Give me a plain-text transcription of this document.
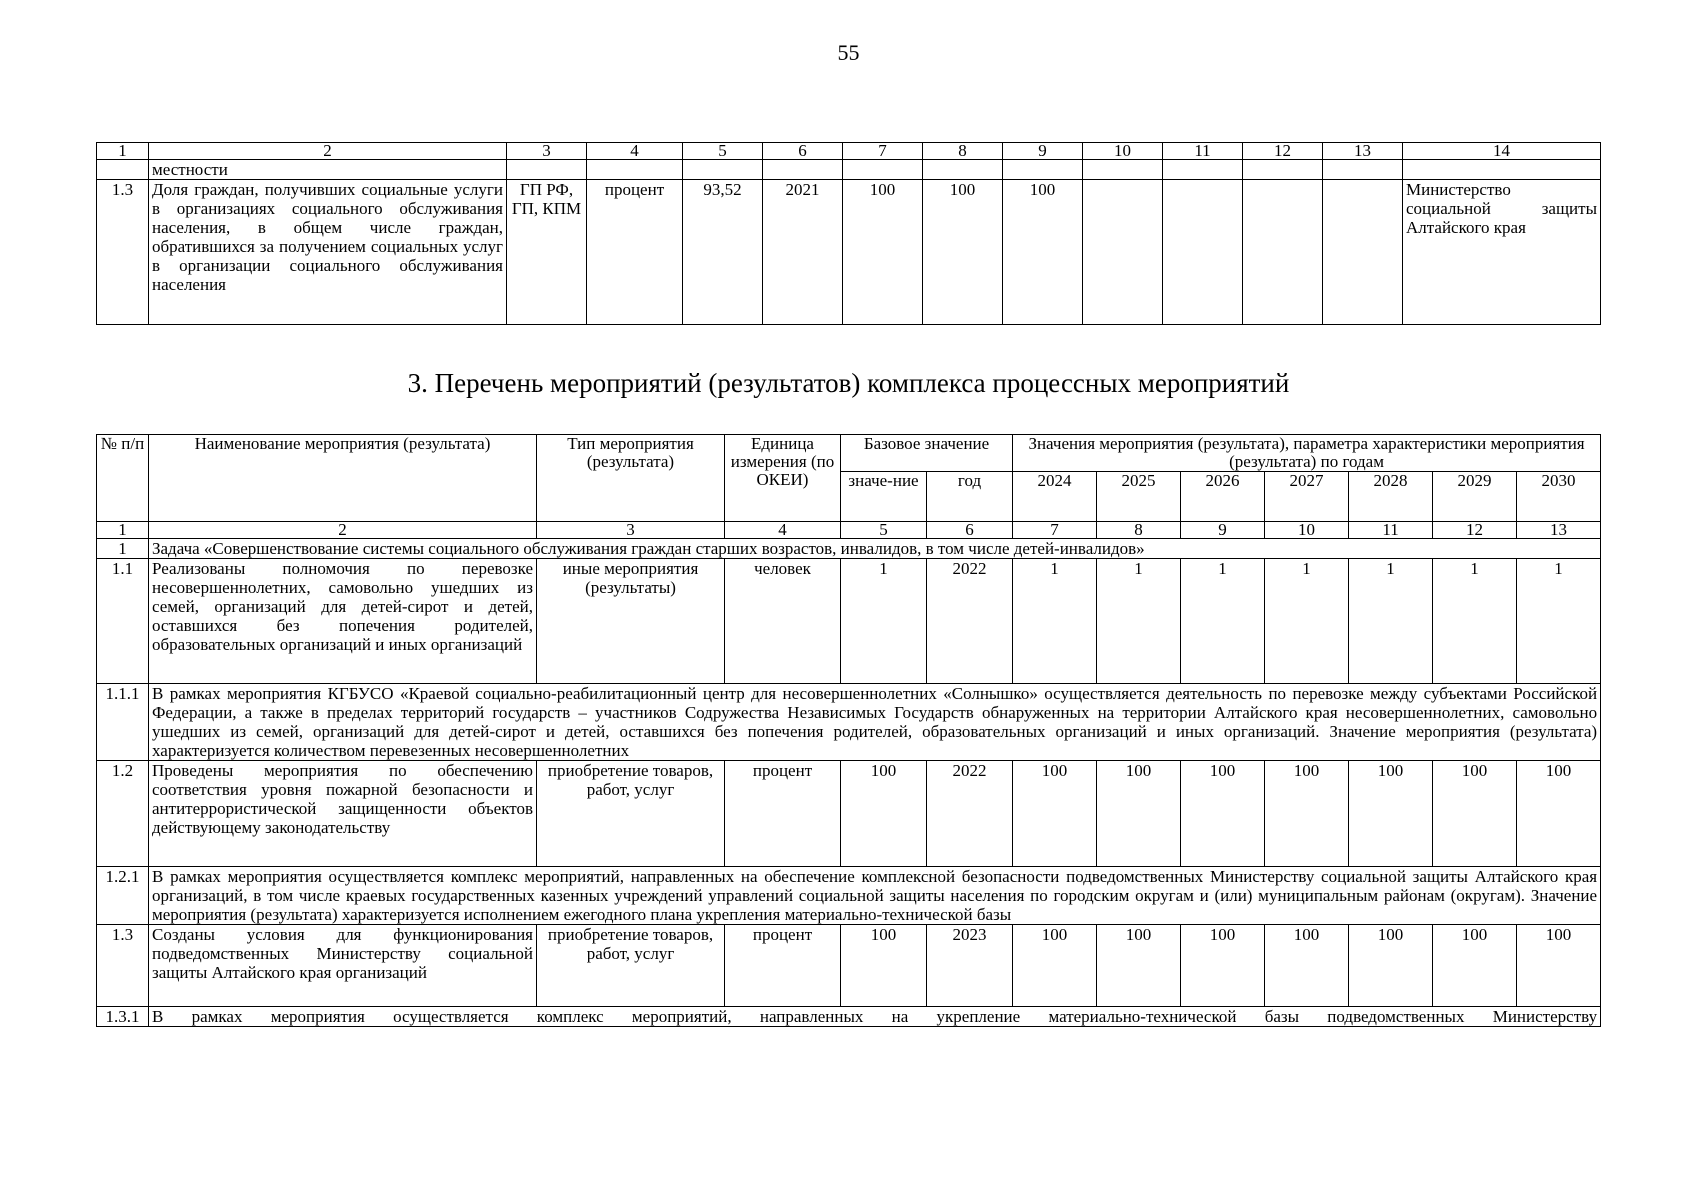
55
1	2	3	4	5	6	7	8	9	10	11	12	13	14
	местности												
1.3	Доля граждан, получивших социальные услуги в организациях социального обслуживания населения, в общем числе граждан, обратившихся за получением социальных услуг в организации социального обслуживания населения	ГП РФ, ГП, КПМ	процент	93,52	2021	100	100	100					Министерство социальной защиты Алтайского края
3. Перечень мероприятий (результатов) комплекса процессных мероприятий
№ п/п	Наименование мероприятия (результата)	Тип мероприятия (результата)	Единица измерения (по ОКЕИ)	Базовое значение		Значения мероприятия (результата), параметра характеристики мероприятия (результата) по годам						
				значе-ние	год	2024	2025	2026	2027	2028	2029	2030
1	2	3	4	5	6	7	8	9	10	11	12	13
1	Задача «Совершенствование системы социального обслуживания граждан старших возрастов, инвалидов, в том числе детей-инвалидов»											
1.1	Реализованы полномочия по перевозке несовершеннолетних, самовольно ушедших из семей, организаций для детей-сирот и детей, оставшихся без попечения родителей, образовательных организаций и иных организаций	иные мероприятия (результаты)	человек	1	2022	1	1	1	1	1	1	1
1.1.1	В рамках мероприятия КГБУСО «Краевой социально-реабилитационный центр для несовершеннолетних «Солнышко» осуществляется деятельность по перевозке между субъектами Российской Федерации, а также в пределах территорий государств – участников Содружества Независимых Государств обнаруженных на территории Алтайского края несовершеннолетних, самовольно ушедших из семей, организаций для детей-сирот и детей, оставшихся без попечения родителей, образовательных организаций и иных организаций. Значение мероприятия (результата) характеризуется количеством перевезенных несовершеннолетних											
1.2	Проведены мероприятия по обеспечению соответствия уровня пожарной безопасности и антитеррористической защищенности объектов действующему законодательству	приобретение товаров, работ, услуг	процент	100	2022	100	100	100	100	100	100	100
1.2.1	В рамках мероприятия осуществляется комплекс мероприятий, направленных на обеспечение комплексной безопасности подведомственных Министерству социальной защиты Алтайского края организаций, в том числе краевых государственных казенных учреждений управлений социальной защиты населения по городским округам и (или) муниципальным районам (округам). Значение мероприятия (результата) характеризуется исполнением ежегодного плана укрепления материально-технической базы											
1.3	Созданы условия для функционирования подведомственных Министерству социальной защиты Алтайского края организаций	приобретение товаров, работ, услуг	процент	100	2023	100	100	100	100	100	100	100
1.3.1	В рамках мероприятия осуществляется комплекс мероприятий, направленных на укрепление материально-технической базы подведомственных Министерству											
